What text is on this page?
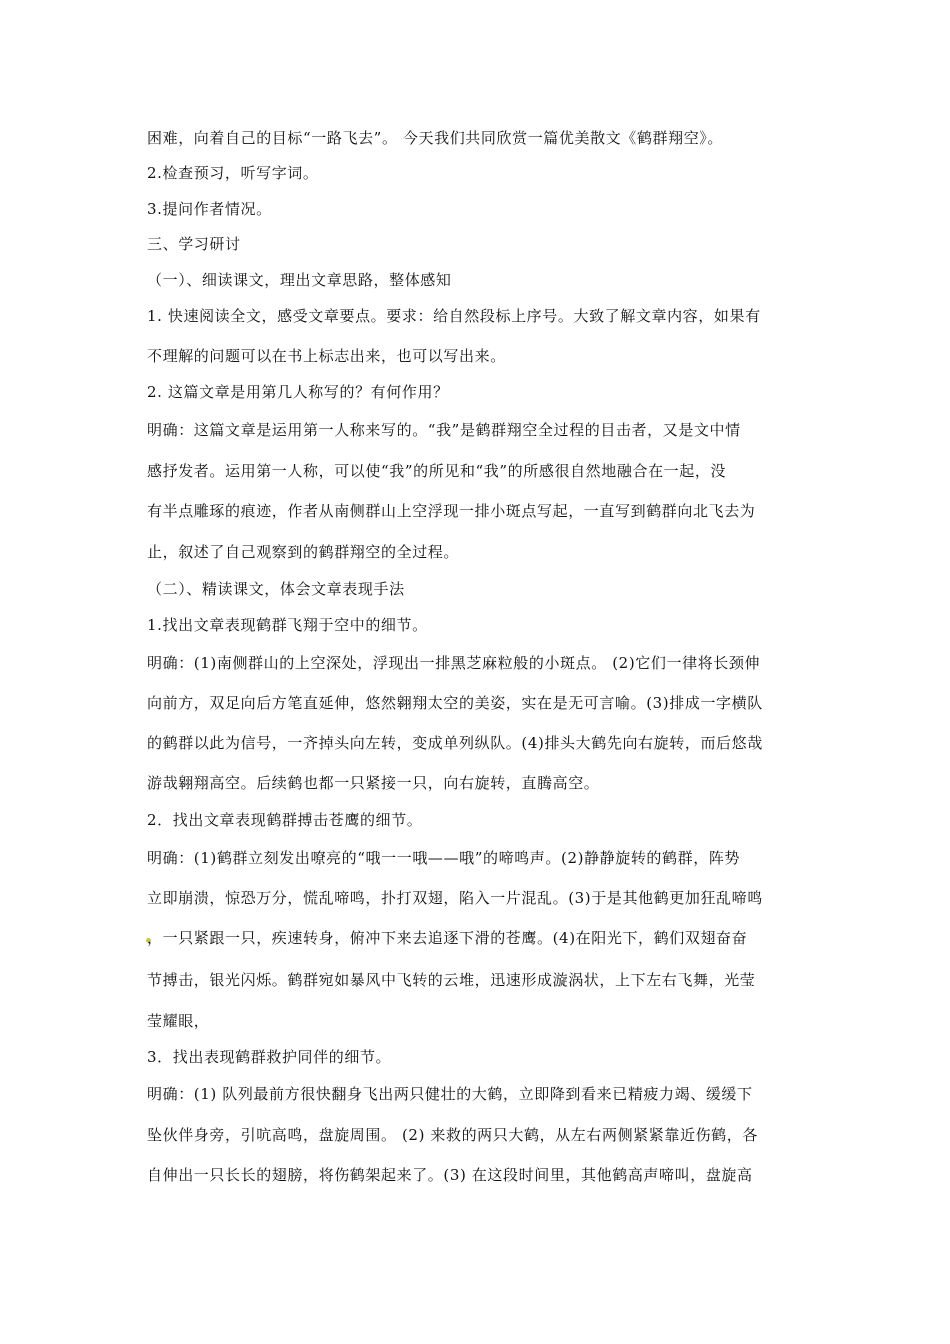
困难，向着自己的目标“一路飞去”。 今天我们共同欣赏一篇优美散文《鹤群翔空》。
2.检查预习，听写字词。
3.提问作者情况。
三、学习研讨
（一）、细读课文，理出文章思路，整体感知
1. 快速阅读全文，感受文章要点。要求：给自然段标上序号。大致了解文章内容，如果有
不理解的问题可以在书上标志出来，也可以写出来。
2. 这篇文章是用第几人称写的？有何作用？
明确：这篇文章是运用第一人称来写的。“我”是鹤群翔空全过程的目击者，又是文中情
感抒发者。运用第一人称，可以使“我”的所见和“我”的所感很自然地融合在一起，没
有半点雕琢的痕迹，作者从南侧群山上空浮现一排小斑点写起，一直写到鹤群向北飞去为
止，叙述了自己观察到的鹤群翔空的全过程。
（二）、精读课文，体会文章表现手法
1.找出文章表现鹤群飞翔于空中的细节。
明确：(1)南侧群山的上空深处，浮现出一排黑芝麻粒般的小斑点。 (2)它们一律将长颈伸
向前方，双足向后方笔直延伸，悠然翱翔太空的美姿，实在是无可言喻。(3)排成一字横队
的鹤群以此为信号，一齐掉头向左转，变成单列纵队。(4)排头大鹤先向右旋转，而后悠哉
游哉翱翔高空。后续鹤也都一只紧接一只，向右旋转，直腾高空。
2．找出文章表现鹤群搏击苍鹰的细节。
明确：(1)鹤群立刻发出嘹亮的“哦一一哦——哦”的啼鸣声。(2)静静旋转的鹤群，阵势
立即崩溃，惊恐万分，慌乱啼鸣，扑打双翅，陷入一片混乱。(3)于是其他鹤更加狂乱啼鸣
，一只紧跟一只，疾速转身，俯冲下来去追逐下滑的苍鹰。(4)在阳光下，鹤们双翅奋奋
节搏击，银光闪烁。鹤群宛如暴风中飞转的云堆，迅速形成漩涡状，上下左右飞舞，光莹
莹耀眼，
3．找出表现鹤群救护同伴的细节。
明确：(1) 队列最前方很快翻身飞出两只健壮的大鹤，立即降到看来已精疲力竭、缓缓下
坠伙伴身旁，引吭高鸣，盘旋周围。 (2) 来救的两只大鹤，从左右两侧紧紧靠近伤鹤，各
自伸出一只长长的翅膀，将伤鹤架起来了。(3) 在这段时间里，其他鹤高声啼叫，盘旋高
